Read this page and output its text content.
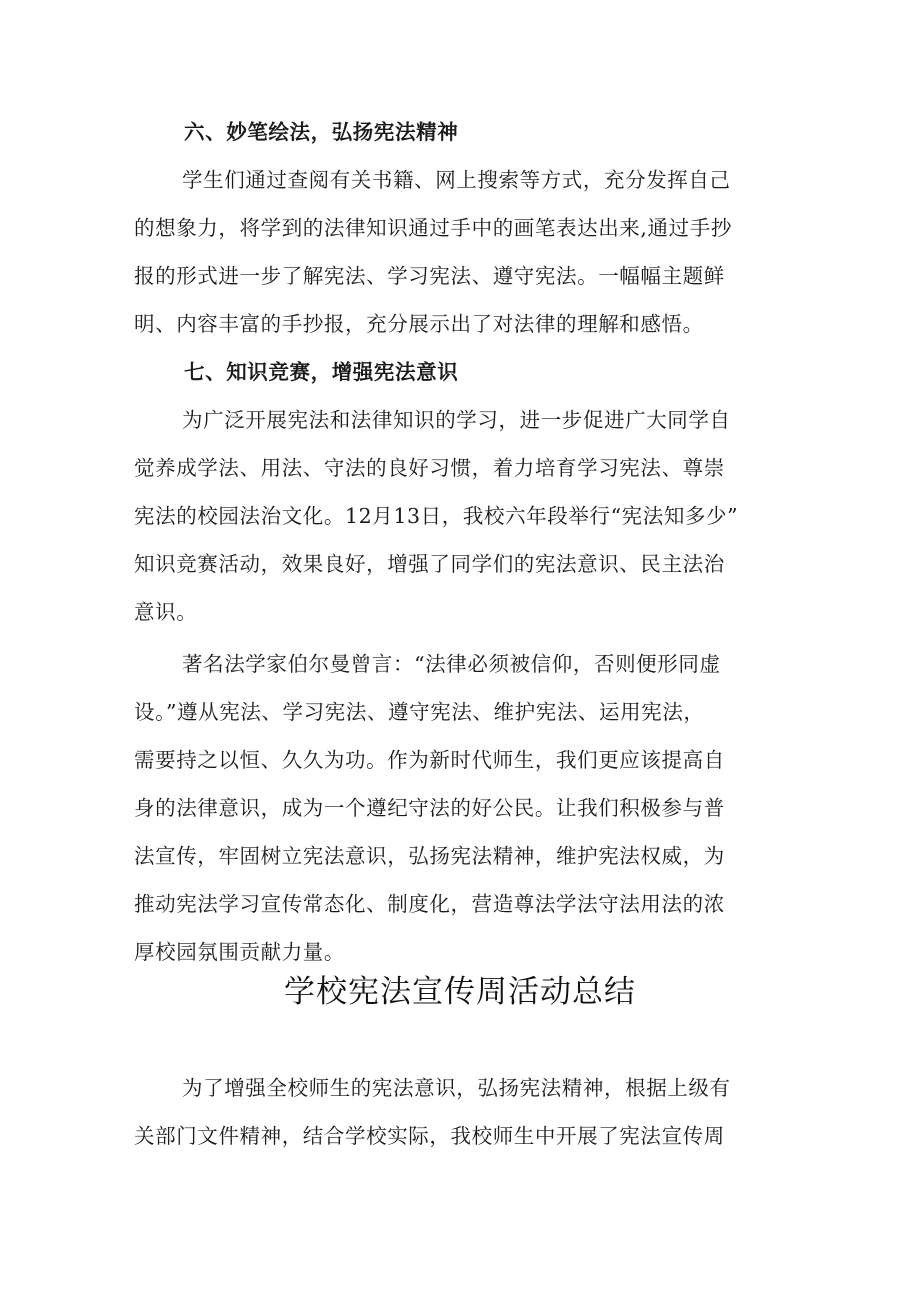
六、妙笔绘法，弘扬宪法精神

学生们通过查阅有关书籍、网上搜索等方式，充分发挥自己

的想象力，将学到的法律知识通过手中的画笔表达出来,通过手抄

报的形式进一步了解宪法、学习宪法、遵守宪法。一幅幅主题鲜

明、内容丰富的手抄报，充分展示出了对法律的理解和感悟。

七、知识竞赛，增强宪法意识

为广泛开展宪法和法律知识的学习，进一步促进广大同学自

觉养成学法、用法、守法的良好习惯，着力培育学习宪法、尊崇

宪法的校园法治文化。12月13日，我校六年段举行“宪法知多少”

知识竞赛活动，效果良好，增强了同学们的宪法意识、民主法治

意识。

著名法学家伯尔曼曾言：“法律必须被信仰，否则便形同虚

设。”遵从宪法、学习宪法、遵守宪法、维护宪法、运用宪法，

需要持之以恒、久久为功。作为新时代师生，我们更应该提高自

身的法律意识，成为一个遵纪守法的好公民。让我们积极参与普

法宣传，牢固树立宪法意识，弘扬宪法精神，维护宪法权威，为

推动宪法学习宣传常态化、制度化，营造尊法学法守法用法的浓

厚校园氛围贡献力量。

学校宪法宣传周活动总结

为了增强全校师生的宪法意识，弘扬宪法精神，根据上级有

关部门文件精神，结合学校实际，我校师生中开展了宪法宣传周
